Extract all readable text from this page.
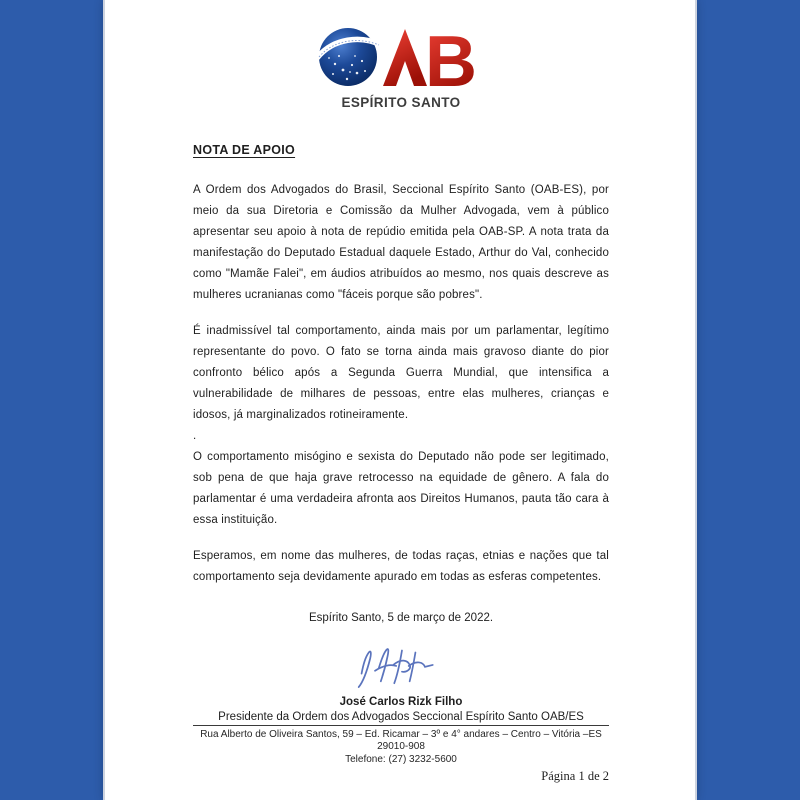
B
ESPÍRITO SANTO
NOTA DE APOIO

A Ordem dos Advogados do Brasil, Seccional Espírito Santo (OAB-ES), por meio da sua Diretoria e Comissão da Mulher Advogada, vem à público apresentar seu apoio à nota de repúdio emitida pela OAB-SP. A nota trata da manifestação do Deputado Estadual daquele Estado, Arthur do Val, conhecido como "Mamãe Falei", em áudios atribuídos ao mesmo, nos quais descreve as mulheres ucranianas como "fáceis porque são pobres".

É inadmissível tal comportamento, ainda mais por um parlamentar, legítimo representante do povo. O fato se torna ainda mais gravoso diante do pior confronto bélico após a Segunda Guerra Mundial, que intensifica a vulnerabilidade de milhares de pessoas, entre elas mulheres, crianças e idosos, já marginalizados rotineiramente.

.

O comportamento misógino e sexista do Deputado não pode ser legitimado, sob pena de que haja grave retrocesso na equidade de gênero. A fala do parlamentar é uma verdadeira afronta aos Direitos Humanos, pauta tão cara à essa instituição.

Esperamos, em nome das mulheres, de todas raças, etnias e nações que tal comportamento seja devidamente apurado em todas as esferas competentes.

Espírito Santo, 5 de março de 2022.
José Carlos Rizk Filho
Presidente da Ordem dos Advogados Seccional Espírito Santo OAB/ES
Rua Alberto de Oliveira Santos, 59 – Ed. Ricamar – 3º e 4° andares – Centro – Vitória –ES 29010-908
Telefone: (27) 3232-5600
Página 1 de 2
